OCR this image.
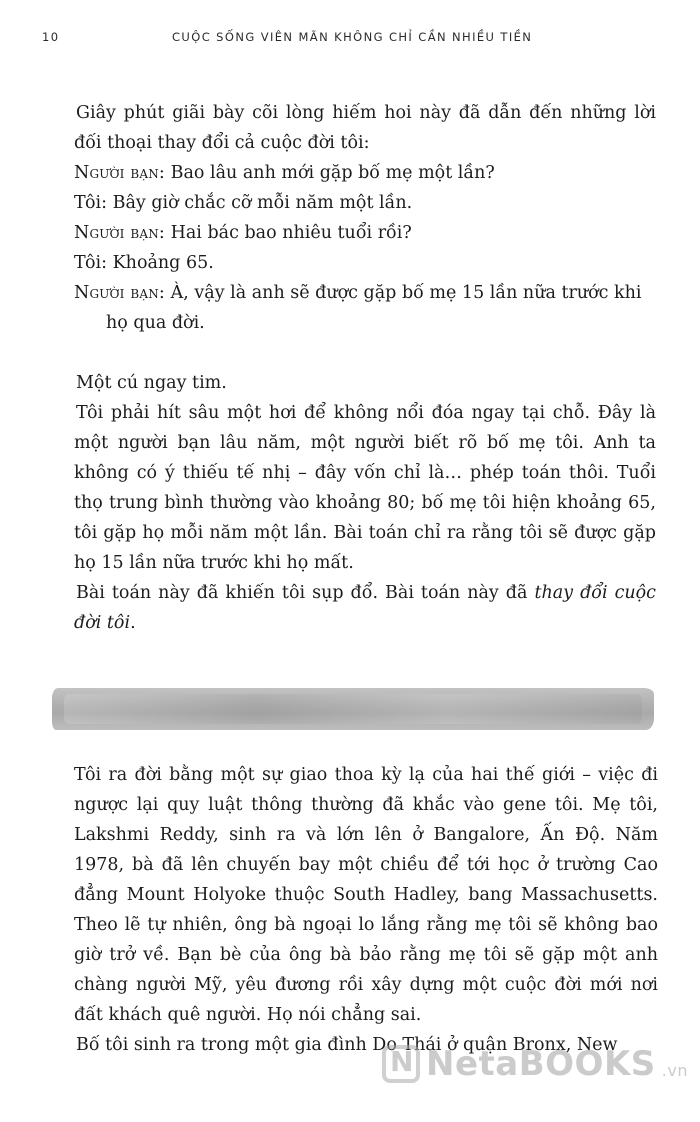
10	CUỘC SỐNG VIÊN MÃN KHÔNG CHỈ CẦN NHIỀU TIỀN

Giây phút giãi bày cõi lòng hiếm hoi này đã dẫn đến những lời đối thoại thay đổi cả cuộc đời tôi:

Người bạn: Bao lâu anh mới gặp bố mẹ một lần?

Tôi: Bây giờ chắc cỡ mỗi năm một lần.

Người bạn: Hai bác bao nhiêu tuổi rồi?

Tôi: Khoảng 65.

Người bạn: À, vậy là anh sẽ được gặp bố mẹ 15 lần nữa trước khi họ qua đời.

Một cú ngay tim.

Tôi phải hít sâu một hơi để không nổi đóa ngay tại chỗ. Đây là một người bạn lâu năm, một người biết rõ bố mẹ tôi. Anh ta không có ý thiếu tế nhị – đây vốn chỉ là… phép toán thôi. Tuổi thọ trung bình thường vào khoảng 80; bố mẹ tôi hiện khoảng 65, tôi gặp họ mỗi năm một lần. Bài toán chỉ ra rằng tôi sẽ được gặp họ 15 lần nữa trước khi họ mất.

Bài toán này đã khiến tôi sụp đổ. Bài toán này đã thay đổi cuộc đời tôi.

Tôi ra đời bằng một sự giao thoa kỳ lạ của hai thế giới – việc đi ngược lại quy luật thông thường đã khắc vào gene tôi. Mẹ tôi, Lakshmi Reddy, sinh ra và lớn lên ở Bangalore, Ấn Độ. Năm 1978, bà đã lên chuyến bay một chiều để tới học ở trường Cao đẳng Mount Holyoke thuộc South Hadley, bang Massachusetts. Theo lẽ tự nhiên, ông bà ngoại lo lắng rằng mẹ tôi sẽ không bao giờ trở về. Bạn bè của ông bà bảo rằng mẹ tôi sẽ gặp một anh chàng người Mỹ, yêu đương rồi xây dựng một cuộc đời mới nơi đất khách quê người. Họ nói chẳng sai.

Bố tôi sinh ra trong một gia đình Do Thái ở quận Bronx, New

N
NetaBOOKS .vn
